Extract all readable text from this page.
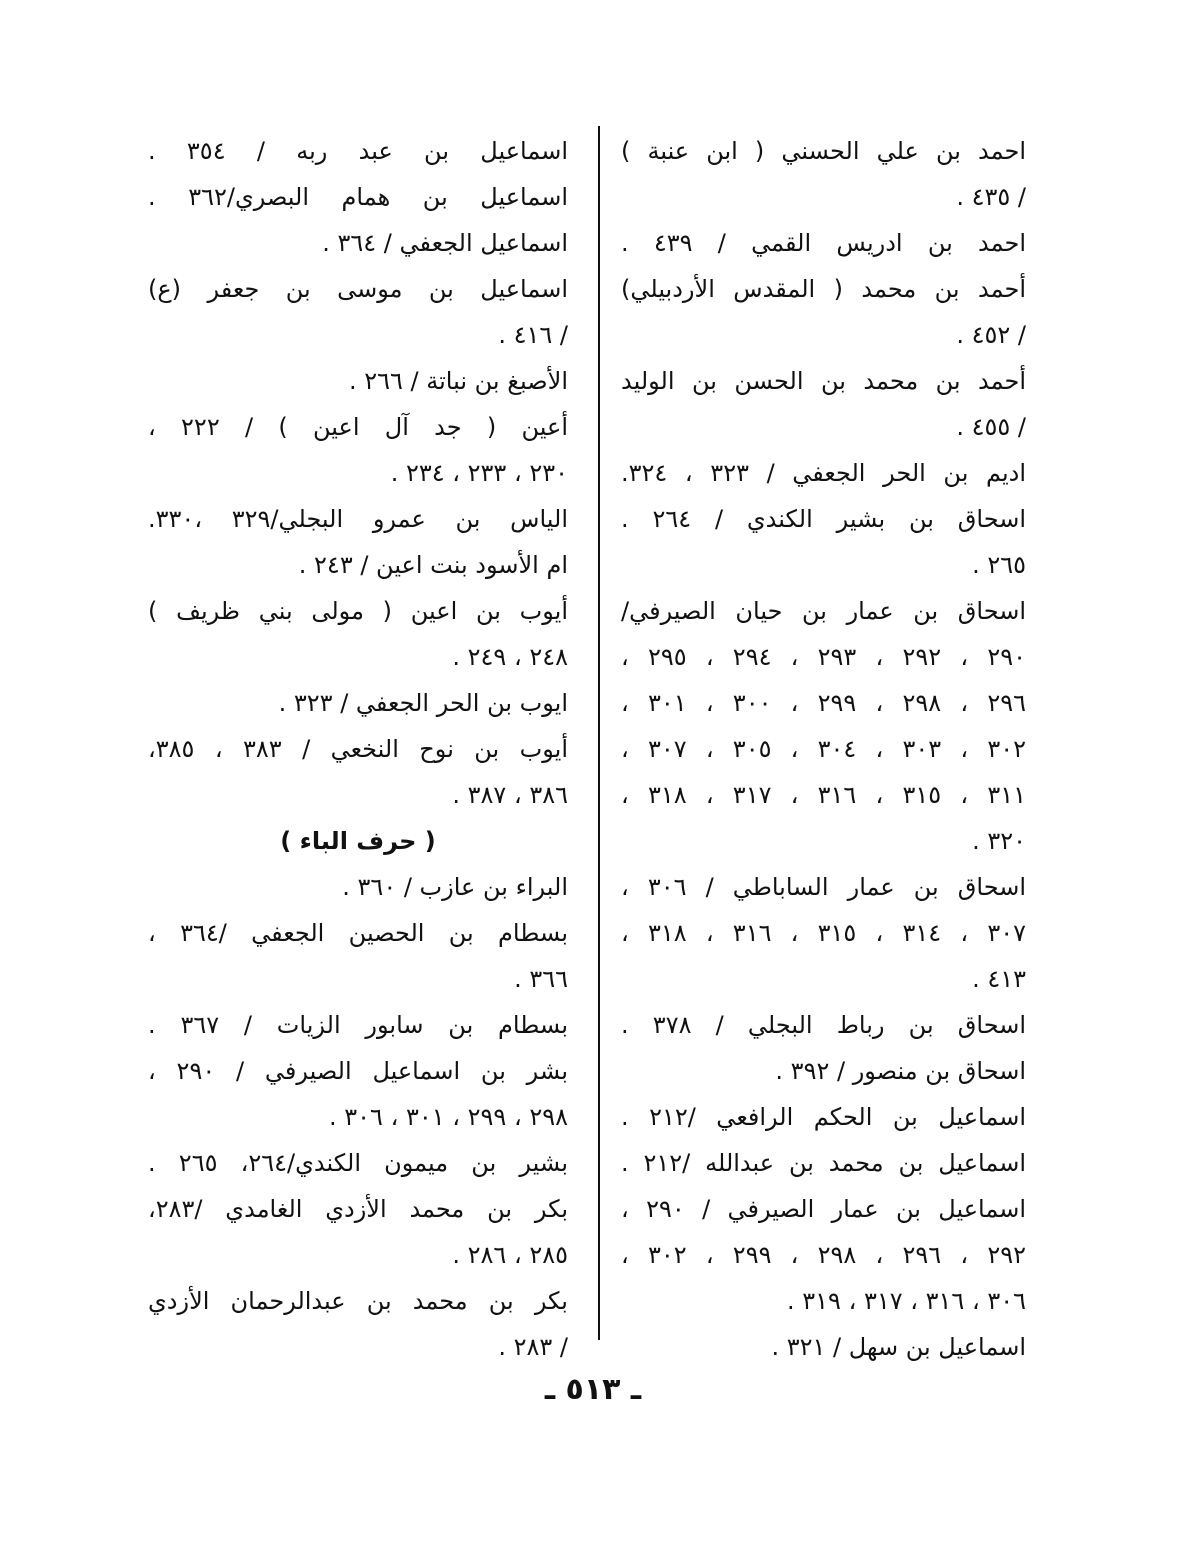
احمد بن علي الحسني ( ابن عنبة )
/ ٤٣٥ .
احمد بن ادريس القمي / ٤٣٩ .
أحمد بن محمد ( المقدس الأردبيلي)
/ ٤٥٢ .
أحمد بن محمد بن الحسن بن الوليد
/ ٤٥٥ .
اديم بن الحر الجعفي / ٣٢٣ ، ٣٢٤.
اسحاق بن بشير الكندي / ٢٦٤ .
٢٦٥ .
اسحاق بن عمار بن حيان الصيرفي/
٢٩٠ ، ٢٩٢ ، ٢٩٣ ، ٢٩٤ ، ٢٩٥ ،
٢٩٦ ، ٢٩٨ ، ٢٩٩ ، ٣٠٠ ، ٣٠١ ،
٣٠٢ ، ٣٠٣ ، ٣٠٤ ، ٣٠٥ ، ٣٠٧ ،
٣١١ ، ٣١٥ ، ٣١٦ ، ٣١٧ ، ٣١٨ ،
٣٢٠ .
اسحاق بن عمار الساباطي / ٣٠٦ ،
٣٠٧ ، ٣١٤ ، ٣١٥ ، ٣١٦ ، ٣١٨ ،
٤١٣ .
اسحاق بن رباط البجلي / ٣٧٨ .
اسحاق بن منصور / ٣٩٢ .
اسماعيل بن الحكم الرافعي /٢١٢ .
اسماعيل بن محمد بن عبدالله /٢١٢ .
اسماعيل بن عمار الصيرفي / ٢٩٠ ،
٢٩٢ ، ٢٩٦ ، ٢٩٨ ، ٢٩٩ ، ٣٠٢ ،
٣٠٦ ، ٣١٦ ، ٣١٧ ، ٣١٩ .
اسماعيل بن سهل / ٣٢١ .
اسماعيل بن عبد ربه / ٣٥٤ .
اسماعيل بن همام البصري/٣٦٢ .
اسماعيل الجعفي / ٣٦٤ .
اسماعيل بن موسى بن جعفر (ع)
/ ٤١٦ .
الأصبغ بن نباتة / ٢٦٦ .
أعين ( جد آل اعين ) / ٢٢٢ ،
٢٣٠ ، ٢٣٣ ، ٢٣٤ .
الياس بن عمرو البجلي/٣٢٩ ،٣٣٠.
ام الأسود بنت اعين / ٢٤٣ .
أيوب بن اعين ( مولى بني ظريف )
٢٤٨ ، ٢٤٩ .
ايوب بن الحر الجعفي / ٣٢٣ .
أيوب بن نوح النخعي / ٣٨٣ ، ٣٨٥،
٣٨٦ ، ٣٨٧ .
( حرف الباء )
البراء بن عازب / ٣٦٠ .
بسطام بن الحصين الجعفي /٣٦٤ ،
٣٦٦ .
بسطام بن سابور الزيات / ٣٦٧ .
بشر بن اسماعيل الصيرفي / ٢٩٠ ،
٢٩٨ ، ٢٩٩ ، ٣٠١ ، ٣٠٦ .
بشير بن ميمون الكندي/٢٦٤، ٢٦٥ .
بكر بن محمد الأزدي الغامدي /٢٨٣،
٢٨٥ ، ٢٨٦ .
بكر بن محمد بن عبدالرحمان الأزدي
/ ٢٨٣ .
ـ ٥١٣ ـ
